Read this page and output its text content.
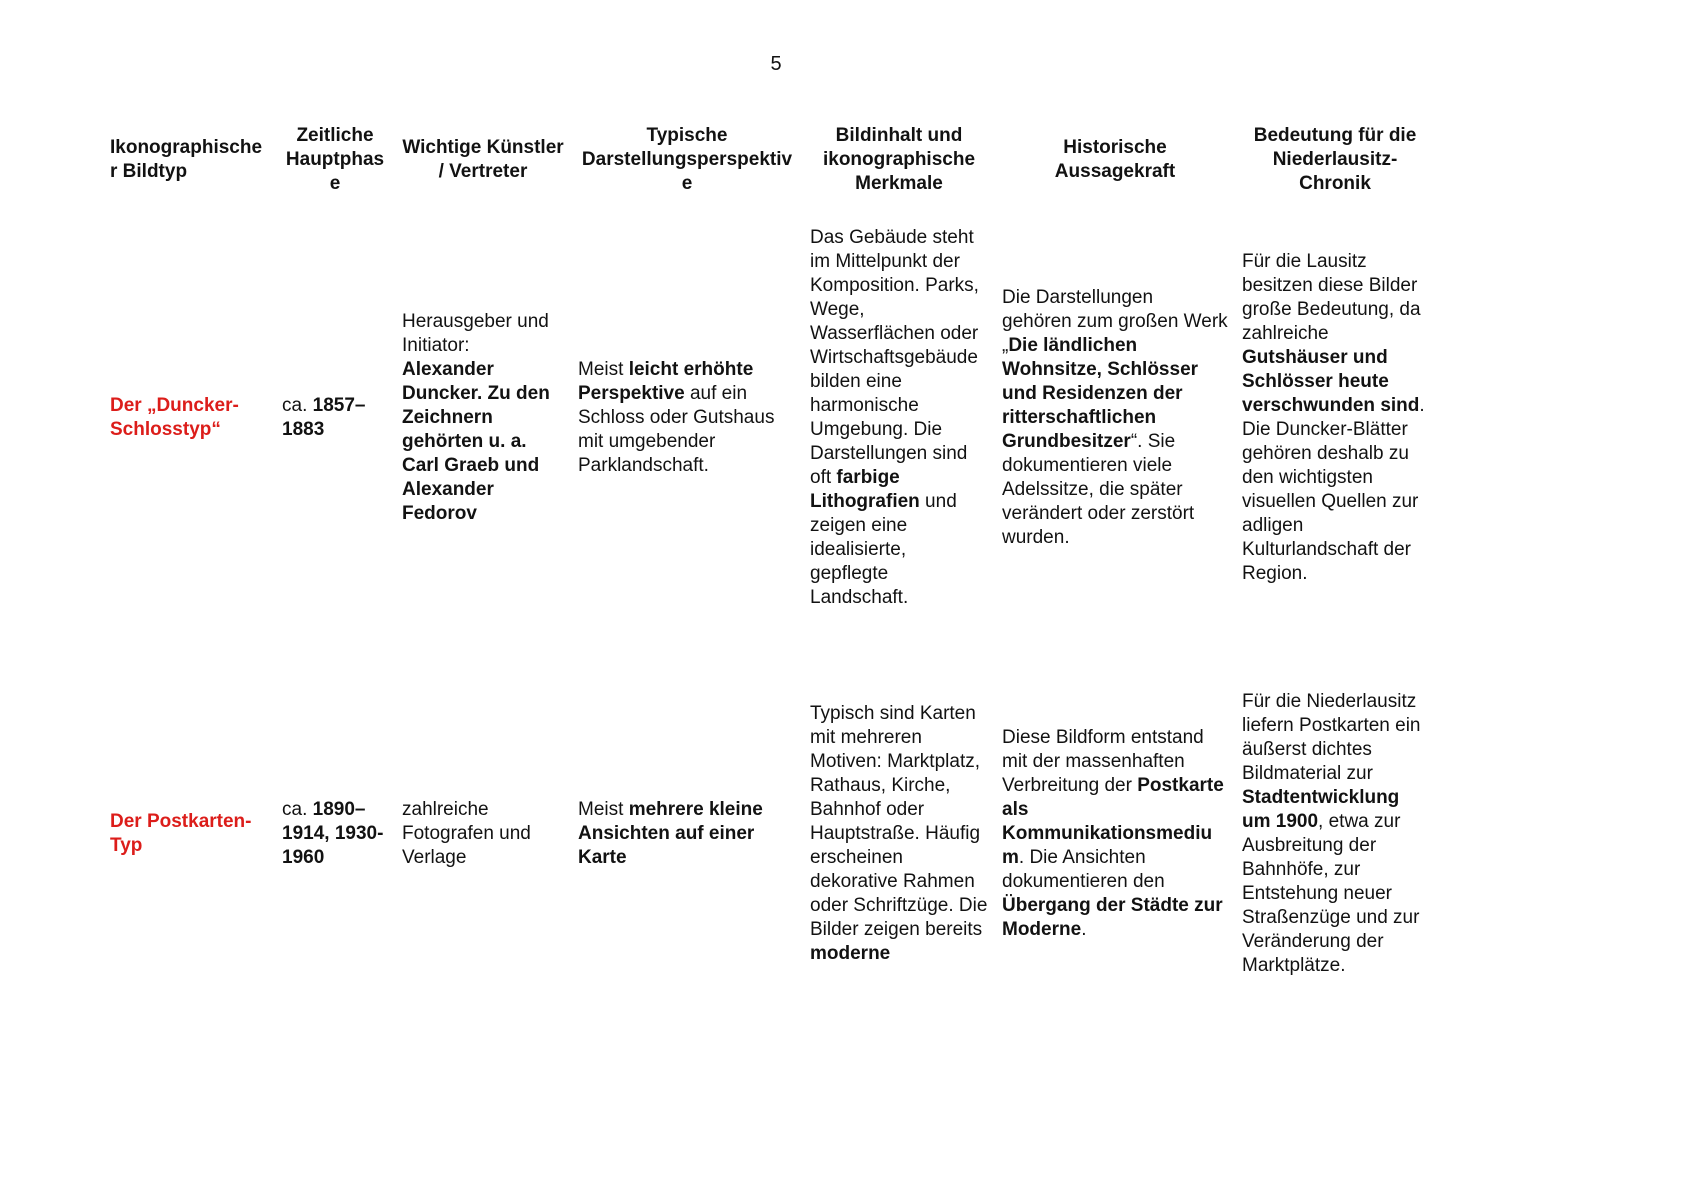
5
Ikonographischer Bildtyp	Zeitliche Hauptphase	Wichtige Künstler / Vertreter	Typische Darstellungsperspektive	Bildinhalt und ikonographische Merkmale	Historische Aussagekraft	Bedeutung für die Niederlausitz-Chronik
Der „Duncker-Schlosstyp“	ca. 1857–1883	Herausgeber und Initiator: Alexander Duncker. Zu den Zeichnern gehörten u. a. Carl Graeb und Alexander Fedorov	Meist leicht erhöhte Perspektive auf ein Schloss oder Gutshaus mit umgebender Parklandschaft.	Das Gebäude steht im Mittelpunkt der Komposition. Parks, Wege, Wasserflächen oder Wirtschaftsgebäude bilden eine harmonische Umgebung. Die Darstellungen sind oft farbige Lithografien und zeigen eine idealisierte, gepflegte Landschaft.	Die Darstellungen gehören zum großen Werk „Die ländlichen Wohnsitze, Schlösser und Residenzen der ritterschaftlichen Grundbesitzer“. Sie dokumentieren viele Adelssitze, die später verändert oder zerstört wurden.	Für die Lausitz besitzen diese Bilder große Bedeutung, da zahlreiche Gutshäuser und Schlösser heute verschwunden sind. Die Duncker-Blätter gehören deshalb zu den wichtigsten visuellen Quellen zur adligen Kulturlandschaft der Region.
Der Postkarten-Typ	ca. 1890–1914, 1930-1960	zahlreiche Fotografen und Verlage	Meist mehrere kleine Ansichten auf einer Karte	Typisch sind Karten mit mehreren Motiven: Marktplatz, Rathaus, Kirche, Bahnhof oder Hauptstraße. Häufig erscheinen dekorative Rahmen oder Schriftzüge. Die Bilder zeigen bereits moderne	Diese Bildform entstand mit der massenhaften Verbreitung der Postkarte als Kommunikationsmedium. Die Ansichten dokumentieren den Übergang der Städte zur Moderne.	Für die Niederlausitz liefern Postkarten ein äußerst dichtes Bildmaterial zur Stadtentwicklung um 1900, etwa zur Ausbreitung der Bahnhöfe, zur Entstehung neuer Straßenzüge und zur Veränderung der Marktplätze.
